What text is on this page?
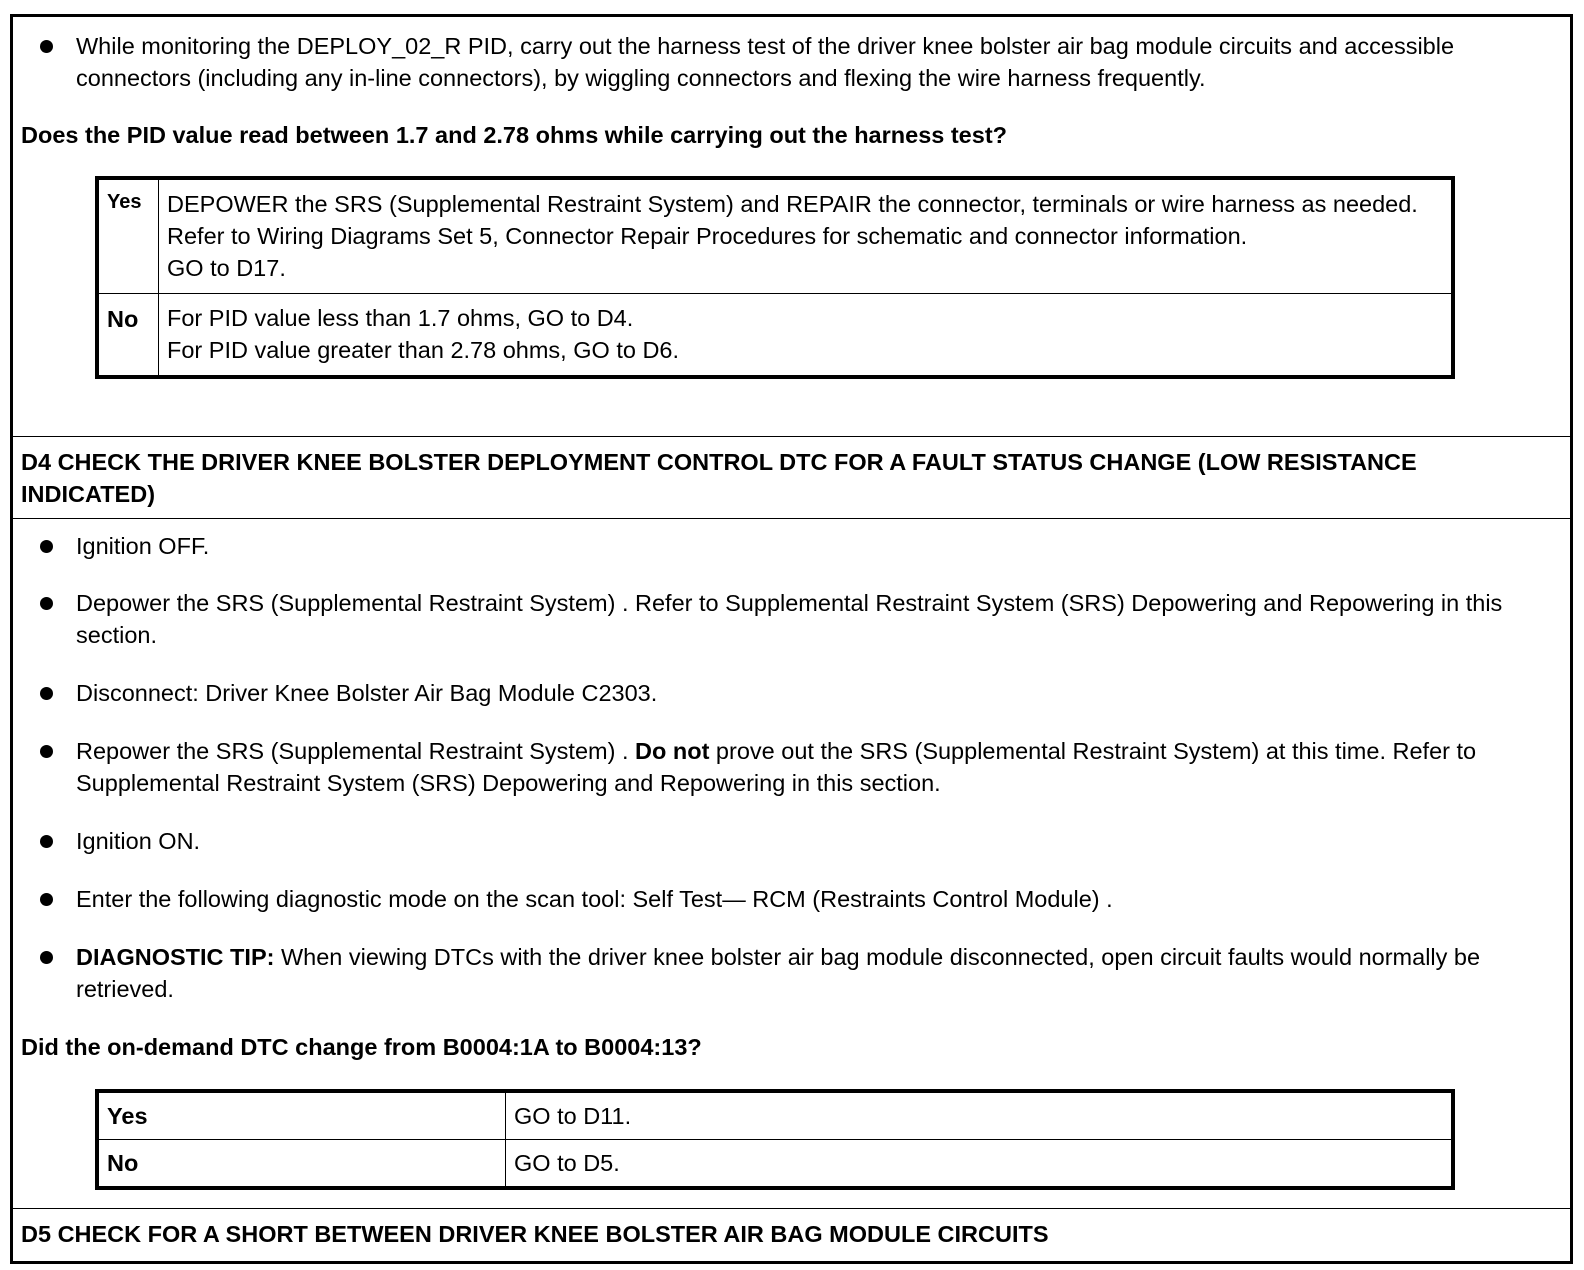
While monitoring the DEPLOY_02_R PID, carry out the harness test of the driver knee bolster air bag module circuits and accessible connectors (including any in-line connectors), by wiggling connectors and flexing the wire harness frequently.
Does the PID value read between 1.7 and 2.78 ohms while carrying out the harness test?
Yes	DEPOWER the SRS (Supplemental Restraint System) and REPAIR the connector, terminals or wire harness as needed.
Refer to Wiring Diagrams Set 5, Connector Repair Procedures for schematic and connector information.
GO to D17.

No	For PID value less than 1.7 ohms, GO to D4.
For PID value greater than 2.78 ohms, GO to D6.
D4 CHECK THE DRIVER KNEE BOLSTER DEPLOYMENT CONTROL DTC FOR A FAULT STATUS CHANGE (LOW RESISTANCE INDICATED)
Ignition OFF.
Depower the SRS (Supplemental Restraint System) . Refer to Supplemental Restraint System (SRS) Depowering and Repowering in this section.
Disconnect: Driver Knee Bolster Air Bag Module C2303.
Repower the SRS (Supplemental Restraint System) . Do not prove out the SRS (Supplemental Restraint System) at this time. Refer to Supplemental Restraint System (SRS) Depowering and Repowering in this section.
Ignition ON.
Enter the following diagnostic mode on the scan tool: Self Test— RCM (Restraints Control Module) .
DIAGNOSTIC TIP: When viewing DTCs with the driver knee bolster air bag module disconnected, open circuit faults would normally be retrieved.
Did the on-demand DTC change from B0004:1A to B0004:13?
Yes	GO to D11.
No	GO to D5.
D5 CHECK FOR A SHORT BETWEEN DRIVER KNEE BOLSTER AIR BAG MODULE CIRCUITS
